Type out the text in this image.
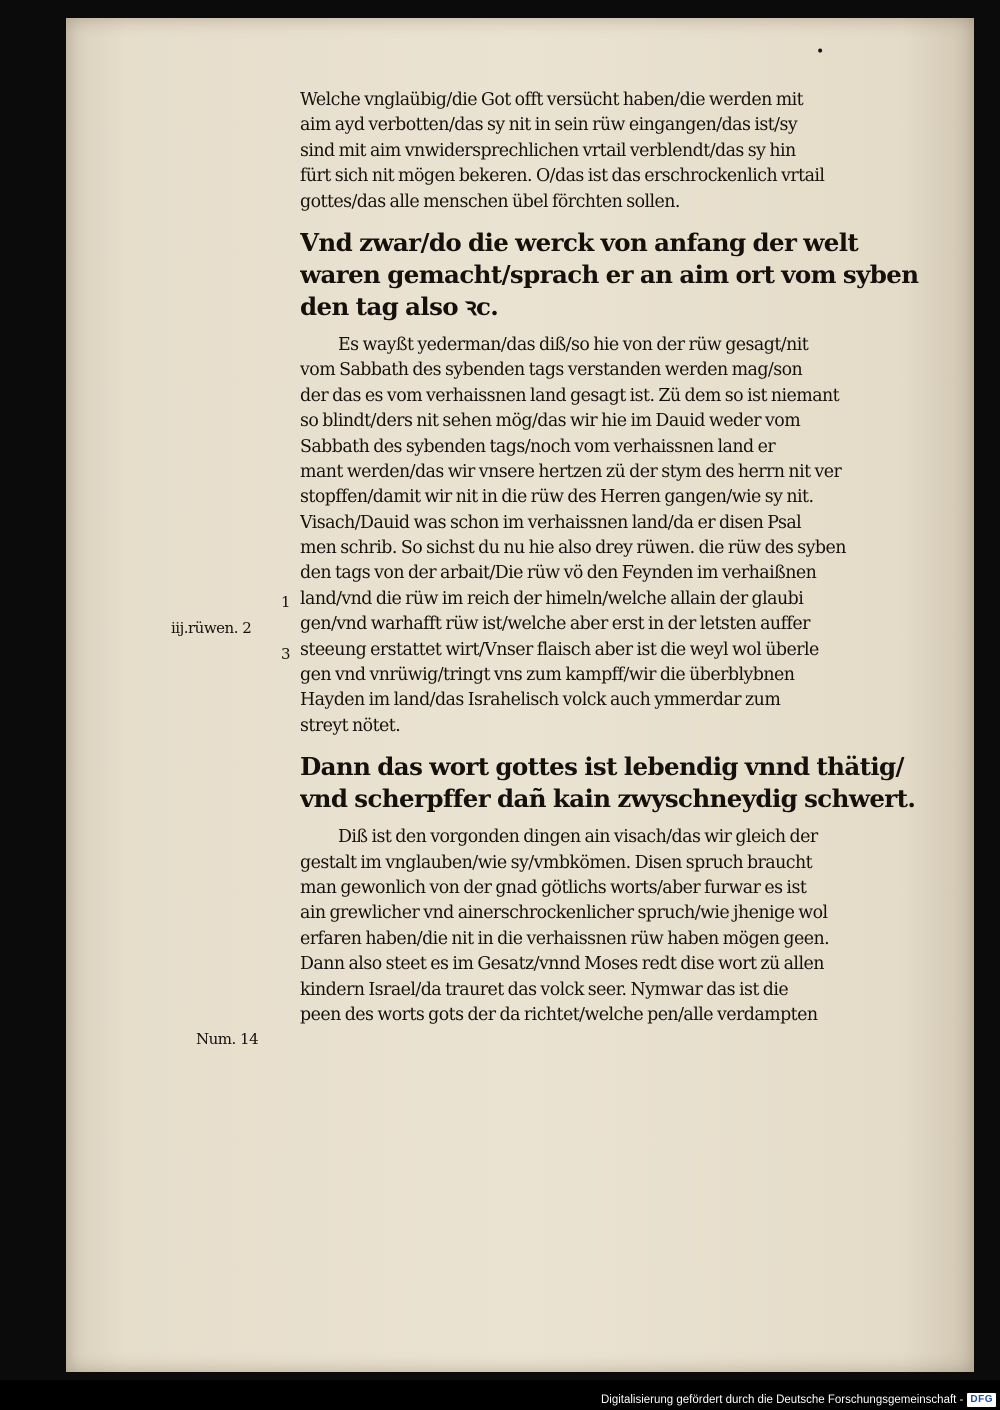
•
1
iij.rüwen. 2
3
Num. 14
Welche vnglaübig/die Got offt versücht haben/die werden mit
aim ayd verbotten/das sy nit in sein rüw eingangen/das ist/sy
sind mit aim vnwidersprechlichen vrtail verblendt/das sy hin
fürt sich nit mögen bekeren. O/das ist das erschrockenlich vrtail
gottes/das alle menschen übel förchten sollen.
Vnd zwar/do die werck von anfang der welt
waren gemacht/sprach er an aim ort vom syben
den tag also ꝛc.
Es wayßt yederman/das diß/so hie von der rüw gesagt/nit
vom Sabbath des sybenden tags verstanden werden mag/son
der das es vom verhaissnen land gesagt ist. Zü dem so ist niemant
so blindt/ders nit sehen mög/das wir hie im Dauid weder vom
Sabbath des sybenden tags/noch vom verhaissnen land er
mant werden/das wir vnsere hertzen zü der stym des herrn nit ver
stopffen/damit wir nit in die rüw des Herren gangen/wie sy nit.
Visach/Dauid was schon im verhaissnen land/da er disen Psal
men schrib. So sichst du nu hie also drey rüwen. die rüw des syben
den tags von der arbait/Die rüw vö den Feynden im verhaißnen
land/vnd die rüw im reich der himeln/welche allain der glaubi
gen/vnd warhafft rüw ist/welche aber erst in der letsten auffer
steeung erstattet wirt/Vnser flaisch aber ist die weyl wol überle
gen vnd vnrüwig/tringt vns zum kampff/wir die überblybnen
Hayden im land/das Israhelisch volck auch ymmerdar zum
streyt nötet.
Dann das wort gottes ist lebendig vnnd thätig/
vnd scherpffer dañ kain zwyschneydig schwert.
Diß ist den vorgonden dingen ain visach/das wir gleich der
gestalt im vnglauben/wie sy/vmbkömen. Disen spruch braucht
man gewonlich von der gnad götlichs worts/aber furwar es ist
ain grewlicher vnd ainerschrockenlicher spruch/wie jhenige wol
erfaren haben/die nit in die verhaissnen rüw haben mögen geen.
Dann also steet es im Gesatz/vnnd Moses redt dise wort zü allen
kindern Israel/da trauret das volck seer. Nymwar das ist die
peen des worts gots der da richtet/welche pen/alle verdampten
Digitalisierung gefördert durch die Deutsche Forschungsgemeinschaft - DFG
